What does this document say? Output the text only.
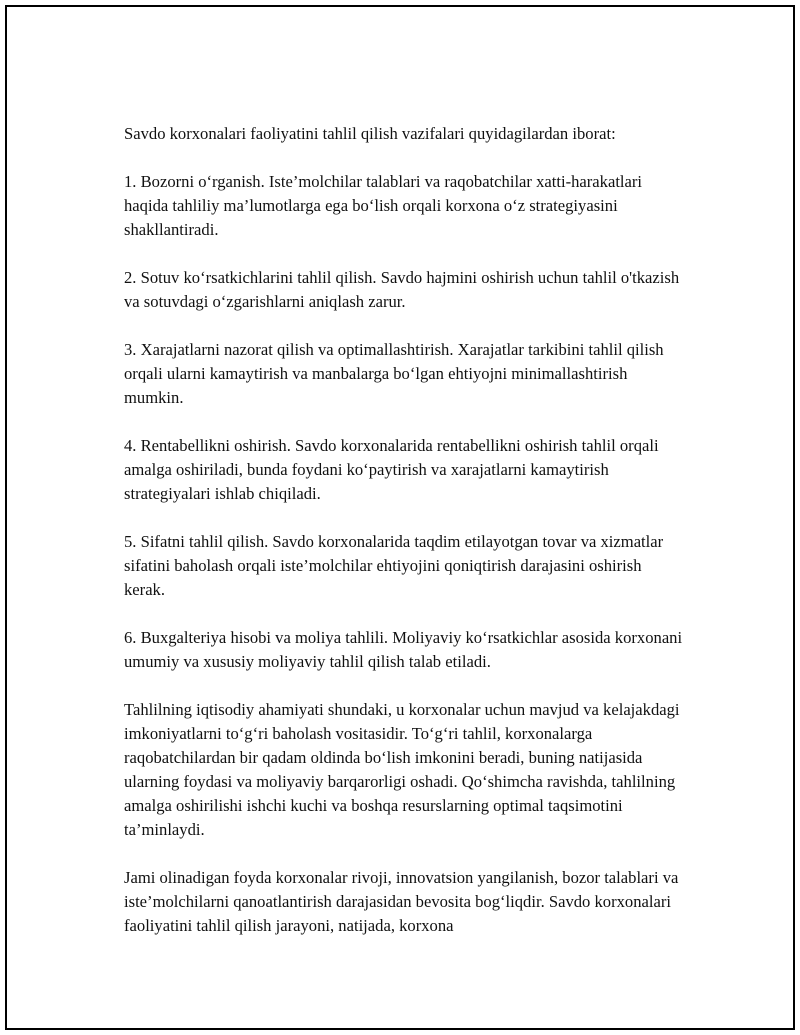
Savdo korxonalari faoliyatini tahlil qilish vazifalari quyidagilardan iborat:

1. Bozorni o‘rganish. Iste’molchilar talablari va raqobatchilar xatti-harakatlari haqida tahliliy ma’lumotlarga ega bo‘lish orqali korxona o‘z strategiyasini shakllantiradi.

2. Sotuv ko‘rsatkichlarini tahlil qilish. Savdo hajmini oshirish uchun tahlil o'tkazish va sotuvdagi o‘zgarishlarni aniqlash zarur.

3. Xarajatlarni nazorat qilish va optimallashtirish. Xarajatlar tarkibini tahlil qilish orqali ularni kamaytirish va manbalarga bo‘lgan ehtiyojni minimallashtirish mumkin.

4. Rentabellikni oshirish. Savdo korxonalarida rentabellikni oshirish tahlil orqali amalga oshiriladi, bunda foydani ko‘paytirish va xarajatlarni kamaytirish strategiyalari ishlab chiqiladi.

5. Sifatni tahlil qilish. Savdo korxonalarida taqdim etilayotgan tovar va xizmatlar sifatini baholash orqali iste’molchilar ehtiyojini qoniqtirish darajasini oshirish kerak.

6. Buxgalteriya hisobi va moliya tahlili. Moliyaviy ko‘rsatkichlar asosida korxonani umumiy va xususiy moliyaviy tahlil qilish talab etiladi.

Tahlilning iqtisodiy ahamiyati shundaki, u korxonalar uchun mavjud va kelajakdagi imkoniyatlarni to‘g‘ri baholash vositasidir. To‘g‘ri tahlil, korxonalarga raqobatchilardan bir qadam oldinda bo‘lish imkonini beradi, buning natijasida ularning foydasi va moliyaviy barqarorligi oshadi. Qo‘shimcha ravishda, tahlilning amalga oshirilishi ishchi kuchi va boshqa resurslarning optimal taqsimotini ta’minlaydi.

Jami olinadigan foyda korxonalar rivoji, innovatsion yangilanish, bozor talablari va iste’molchilarni qanoatlantirish darajasidan bevosita bog‘liqdir. Savdo korxonalari faoliyatini tahlil qilish jarayoni, natijada, korxona
